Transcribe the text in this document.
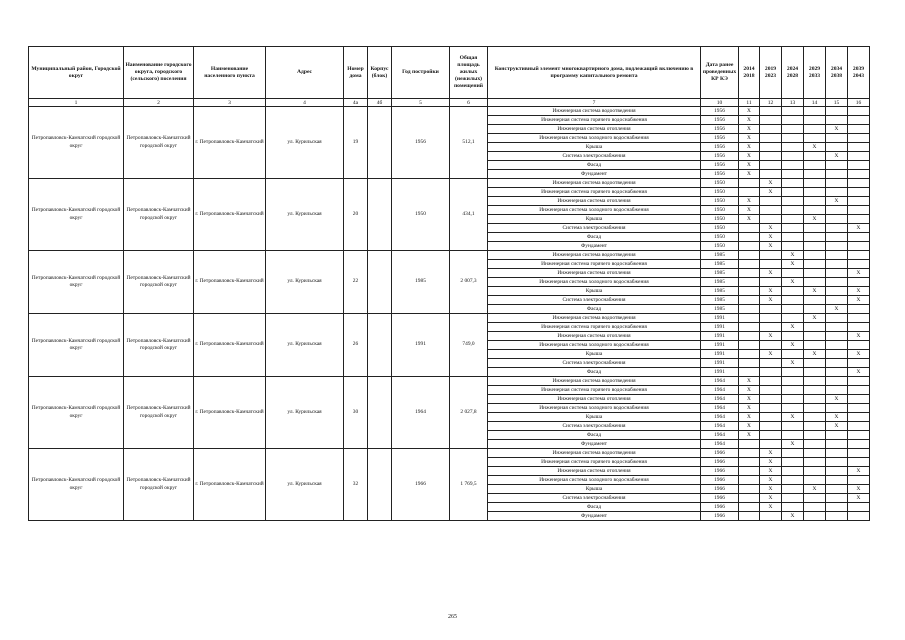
Муниципальный район, Городской округ	Наименование городского округа, городского (сельского) поселения	Наименование населенного пункта	Адрес	Номер дома	Корпус (блок)	Год постройки	Общая площадь жилых (нежилых) помещений	Конструктивный элемент многоквартирного дома, подлежащий включению в программу капитального ремонта	Дата ранее проведенных КР КЭ	2014 2018	2019 2023	2024 2028	2029 2033	2034 2038	2039 2043
1	2	3	4	4а	4б	5	6	7	10	11	12	13	14	15	16
Петропавловск-Камчатский городской округ	Петропавловск-Камчатский городской округ	г. Петропавловск-Камчатский	ул. Курильская	19		1956	512,1	Инженерная система водоотведения	1956	X					
								Инженерная система горячего водоснабжения	1956	X					
								Инженерная система отопления	1956	X				X	
								Инженерная система холодного водоснабжения	1956	X					
								Крыша	1956	X			X		
								Система электроснабжения	1956	X				X	
								Фасад	1956	X					
								Фундамент	1956	X					
Петропавловск-Камчатский городской округ	Петропавловск-Камчатский городской округ	г. Петропавловск-Камчатский	ул. Курильская	20		1950	434,1	Инженерная система водоотведения	1950		X				
								Инженерная система горячего водоснабжения	1950		X				
								Инженерная система отопления	1950	X				X	
								Инженерная система холодного водоснабжения	1950	X					
								Крыша	1950	X			X		
								Система электроснабжения	1950		X				X
								Фасад	1950		X				
								Фундамент	1950		X				
Петропавловск-Камчатский городской округ	Петропавловск-Камчатский городской округ	г. Петропавловск-Камчатский	ул. Курильская	22		1985	2 007,3	Инженерная система водоотведения	1985			X			
								Инженерная система горячего водоснабжения	1985			X			
								Инженерная система отопления	1985		X				X
								Инженерная система холодного водоснабжения	1985			X			
								Крыша	1985		X		X		X
								Система электроснабжения	1985		X				X
								Фасад	1985					X	
Петропавловск-Камчатский городской округ	Петропавловск-Камчатский городской округ	г. Петропавловск-Камчатский	ул. Курильская	26		1991	749,0	Инженерная система водоотведения	1991				X		
								Инженерная система горячего водоснабжения	1991			X			
								Инженерная система отопления	1991		X				X
								Инженерная система холодного водоснабжения	1991			X			
								Крыша	1991		X		X		X
								Система электроснабжения	1991			X			
								Фасад	1991						X
Петропавловск-Камчатский городской округ	Петропавловск-Камчатский городской округ	г. Петропавловск-Камчатский	ул. Курильская	30		1964	2 027,8	Инженерная система водоотведения	1964	X					
								Инженерная система горячего водоснабжения	1964	X					
								Инженерная система отопления	1964	X				X	
								Инженерная система холодного водоснабжения	1964	X					
								Крыша	1964	X		X		X	
								Система электроснабжения	1964	X				X	
								Фасад	1964	X					
								Фундамент	1964			X			
Петропавловск-Камчатский городской округ	Петропавловск-Камчатский городской округ	г. Петропавловск-Камчатский	ул. Курильская	32		1966	1 769,5	Инженерная система водоотведения	1966		X				
								Инженерная система горячего водоснабжения	1966		X				
								Инженерная система отопления	1966		X				X
								Инженерная система холодного водоснабжения	1966		X				
								Крыша	1966		X		X		X
								Система электроснабжения	1966		X				X
								Фасад	1966		X				
								Фундамент	1966			X			
265
